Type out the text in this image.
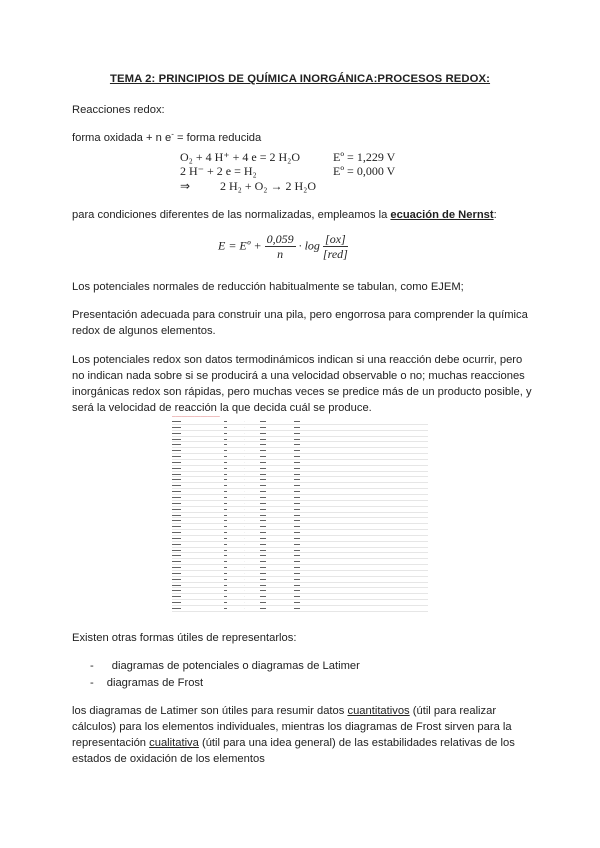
TEMA 2: PRINCIPIOS DE QUÍMICA INORGÁNICA:PROCESOS REDOX:
Reacciones redox:
forma oxidada + n e- = forma reducida
O₂ + 4 H⁺ + 4 e = 2 H₂O	Eº = 1,229 V
2 H⁻ + 2 e = H₂	Eº = 0,000 V
⇒ 2 H₂ + O₂ → 2 H₂O
para condiciones diferentes de las normalizadas, empleamos la ecuación de Nernst:
E = Eº + $\frac{0,059}{n} \cdot \log \frac{[ox]}{\text{[red]}}$
Los potenciales normales de reducción habitualmente se tabulan, como EJEM;
Presentación adecuada para construir una pila, pero engorrosa para comprender la química redox de algunos elementos.
Los potenciales redox son datos termodinámicos indican si una reacción debe ocurrir, pero no indican nada sobre si se producirá a una velocidad observable o no; muchas reacciones inorgánicas redox son rápidas, pero muchas veces se predice más de un producto posible, y será la velocidad de reacción la que decida cuál se produce.
———————————————
▬▬▬	▬	·	▬▬	▬▬
▬▬▬	▬	·	▬▬	▬▬
▬▬▬	▬	·	▬▬	▬▬
▬▬▬	▬	·	▬▬	▬▬
▬▬▬	▬	·	▬▬	▬▬
▬▬▬	▬	·	▬▬	▬▬
▬▬▬	▬	·	▬▬	▬▬
▬▬▬	▬	·	▬▬	▬▬
▬▬▬	▬	·	▬▬	▬▬
▬▬▬	▬	·	▬▬	▬▬
▬▬▬	▬	·	▬▬	▬▬
▬▬▬	▬	·	▬▬	▬▬
▬▬▬	▬	·	▬▬	▬▬
▬▬▬	▬	·	▬▬	▬▬
▬▬▬	▬	·	▬▬	▬▬
▬▬▬	▬	·	▬▬	▬▬
▬▬▬	▬	·	▬▬	▬▬
▬▬▬	▬	·	▬▬	▬▬
▬▬▬	▬	·	▬▬	▬▬
▬▬▬	▬	·	▬▬	▬▬
▬▬▬	▬	·	▬▬	▬▬
▬▬▬	▬	·	▬▬	▬▬
▬▬▬	▬	·	▬▬	▬▬
▬▬▬	▬	·	▬▬	▬▬
▬▬▬	▬	·	▬▬	▬▬
▬▬▬	▬	·	▬▬	▬▬
▬▬▬	▬	·	▬▬	▬▬
▬▬▬	▬	·	▬▬	▬▬
▬▬▬	▬	·	▬▬	▬▬
▬▬▬	▬	·	▬▬	▬▬
▬▬▬	▬	·	▬▬	▬▬
▬▬▬	▬	·	▬▬	▬▬
▬▬▬	▬	·	▬▬	▬▬
▬▬▬	▬	·	▬▬	▬▬
Existen otras formas útiles de representarlos:
- diagramas de potenciales o diagramas de Latimer
- diagramas de Frost
los diagramas de Latimer son útiles para resumir datos cuantitativos (útil para realizar cálculos) para los elementos individuales, mientras los diagramas de Frost sirven para la representación cualitativa (útil para una idea general) de las estabilidades relativas de los estados de oxidación de los elementos
